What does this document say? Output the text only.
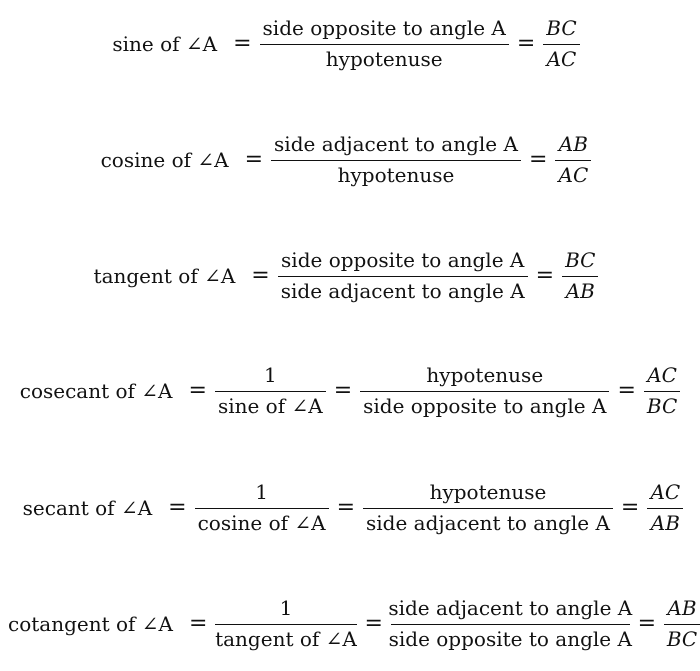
sine of ∠A = $\frac{\text{side opposite to angle A}}{\text{hypotenuse}} = \frac{BC}{AC}$
cosine of ∠A = $\frac{\text{side adjacent to angle A}}{\text{hypotenuse}} = \frac{AB}{AC}$
tangent of ∠A = $\frac{\text{side opposite to angle A}}{\text{side adjacent to angle A}} = \frac{BC}{AB}$
cosecant of ∠A = $\frac{1}{\text{sine of ∠A}} = \frac{\text{hypotenuse}}{\text{side opposite to angle A}} = \frac{AC}{BC}$
secant of ∠A = $\frac{1}{\text{cosine of ∠A}} = \frac{\text{hypotenuse}}{\text{side adjacent to angle A}} = \frac{AC}{AB}$
cotangent of ∠A = $\frac{1}{\text{tangent of ∠A}} = \frac{\text{side adjacent to angle A}}{\text{side opposite to angle A}} = \frac{AB}{BC}$
